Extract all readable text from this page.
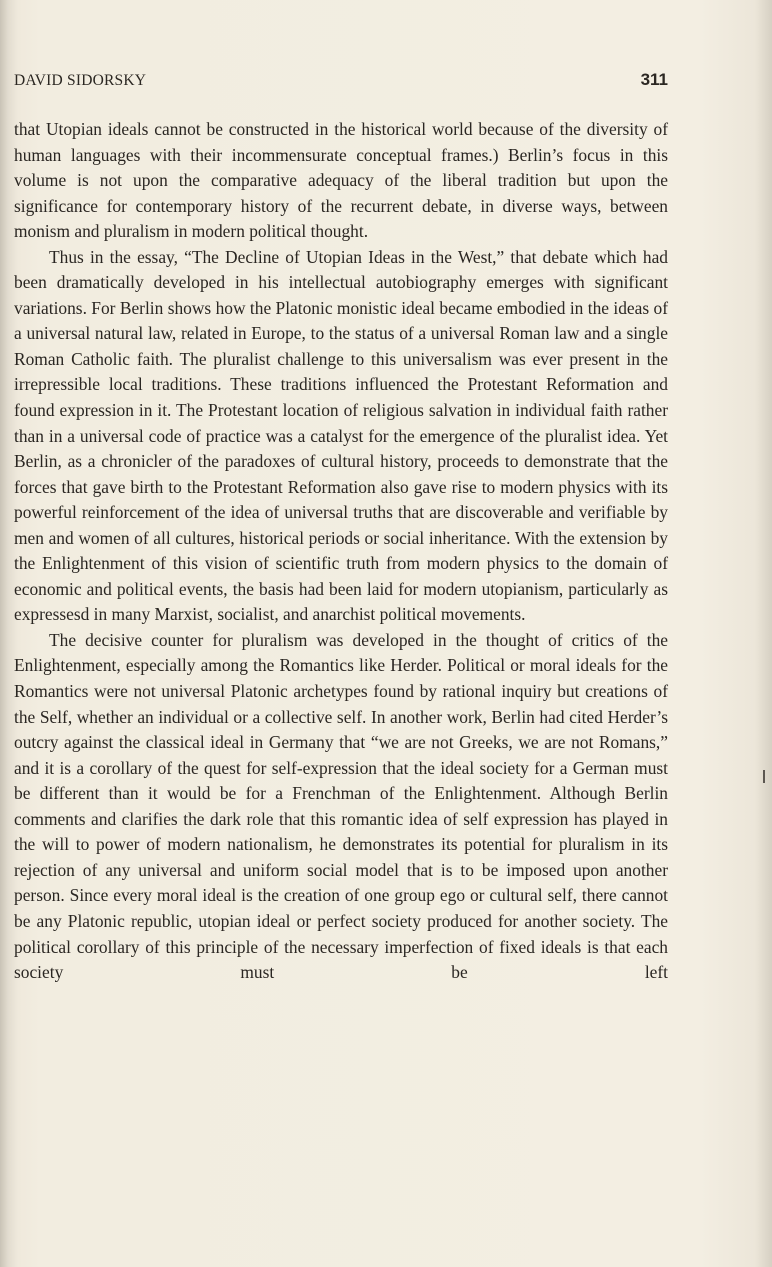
DAVID SIDORSKY	311

that Utopian ideals cannot be constructed in the historical world because of the diversity of human languages with their incommensurate conceptual frames.) Berlin’s focus in this volume is not upon the comparative adequacy of the liberal tradition but upon the significance for contemporary history of the recurrent debate, in diverse ways, between monism and pluralism in modern political thought.

Thus in the essay, “The Decline of Utopian Ideas in the West,” that debate which had been dramatically developed in his intellectual autobiography emerges with significant variations. For Berlin shows how the Platonic monistic ideal became embodied in the ideas of a universal natural law, related in Europe, to the status of a universal Roman law and a single Roman Catholic faith. The pluralist challenge to this universalism was ever present in the irrepressible local traditions. These traditions influenced the Protestant Reformation and found expression in it. The Protestant location of religious salvation in individual faith rather than in a universal code of practice was a catalyst for the emergence of the pluralist idea. Yet Berlin, as a chronicler of the paradoxes of cultural history, proceeds to demonstrate that the forces that gave birth to the Protestant Reformation also gave rise to modern physics with its powerful reinforcement of the idea of universal truths that are discoverable and verifiable by men and women of all cultures, historical periods or social inheritance. With the extension by the Enlightenment of this vision of scientific truth from modern physics to the domain of economic and political events, the basis had been laid for modern utopianism, particularly as expressesd in many Marxist, socialist, and anarchist political movements.

The decisive counter for pluralism was developed in the thought of critics of the Enlightenment, especially among the Romantics like Herder. Political or moral ideals for the Romantics were not universal Platonic archetypes found by rational inquiry but creations of the Self, whether an individual or a collective self. In another work, Berlin had cited Herder’s outcry against the classical ideal in Germany that “we are not Greeks, we are not Romans,” and it is a corollary of the quest for self-expression that the ideal society for a German must be different than it would be for a Frenchman of the Enlightenment. Although Berlin comments and clarifies the dark role that this romantic idea of self expression has played in the will to power of modern nationalism, he demonstrates its potential for pluralism in its rejection of any universal and uniform social model that is to be imposed upon another person. Since every moral ideal is the creation of one group ego or cultural self, there cannot be any Platonic republic, utopian ideal or perfect society produced for another society. The political corollary of this principle of the necessary imperfection of fixed ideals is that each society must be left
